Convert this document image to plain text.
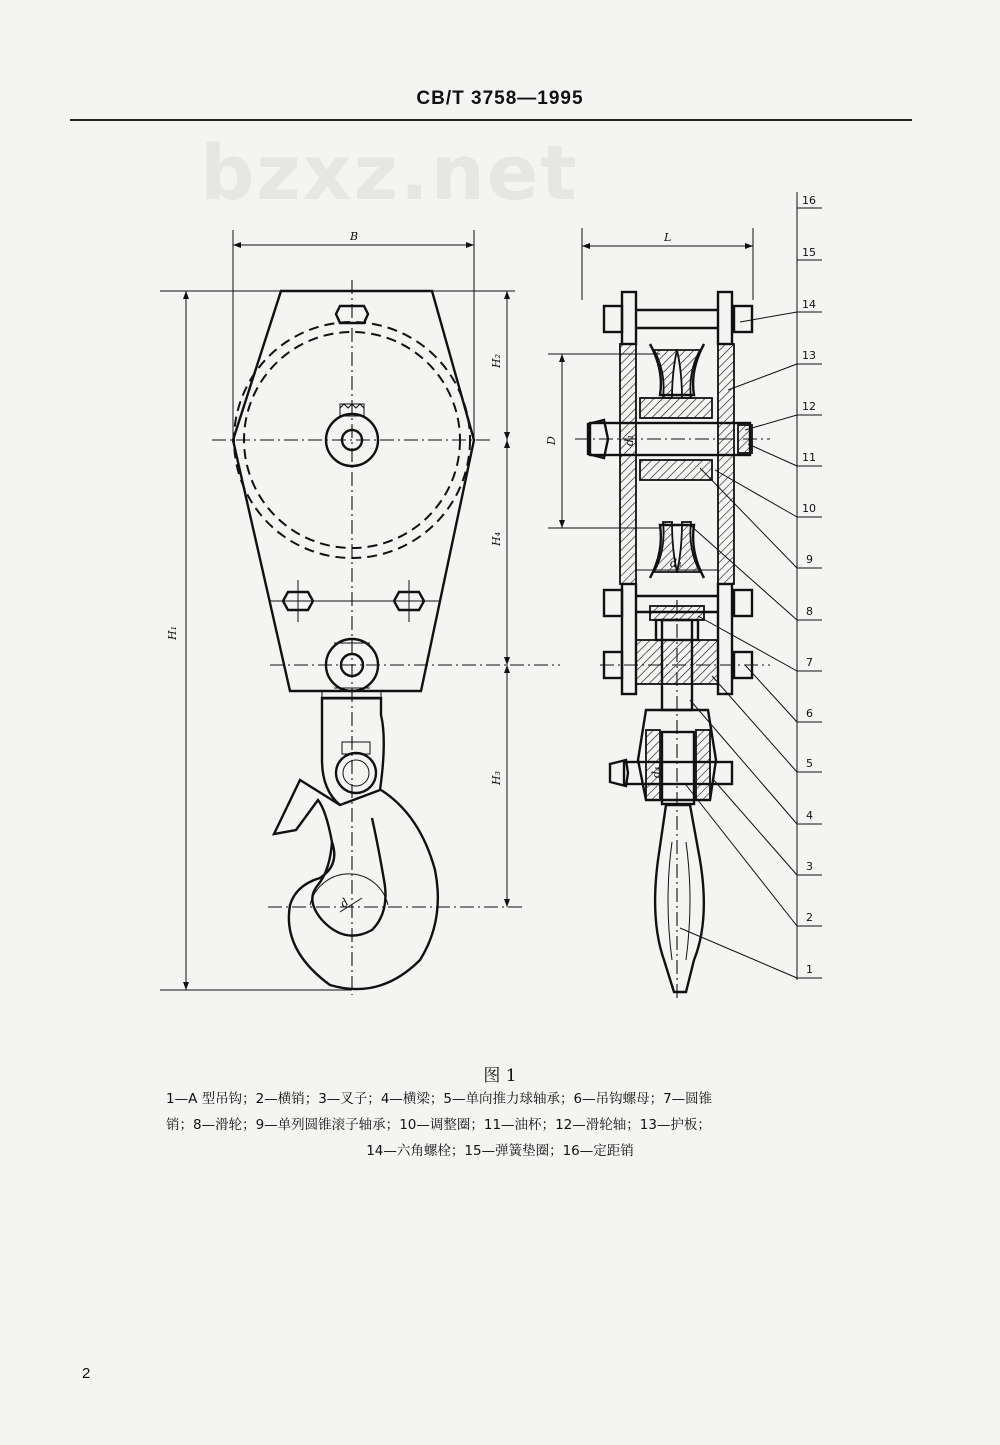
CB/T 3758—1995
bzxz.net
d
B
H₁
H₂
H₄
H₃
L
d₁
D
d₃
d₄
16
15
14
13
12
11
10
9
8
7
6
5
4
3
2
1
图 1
1—A 型吊钩；2—横销；3—叉子；4—横梁；5—单向推力球轴承；6—吊钩螺母；7—圆锥
销；8—滑轮；9—单列圆锥滚子轴承；10—调整圈；11—油杯；12—滑轮轴；13—护板；
14—六角螺栓；15—弹簧垫圈；16—定距销
2
